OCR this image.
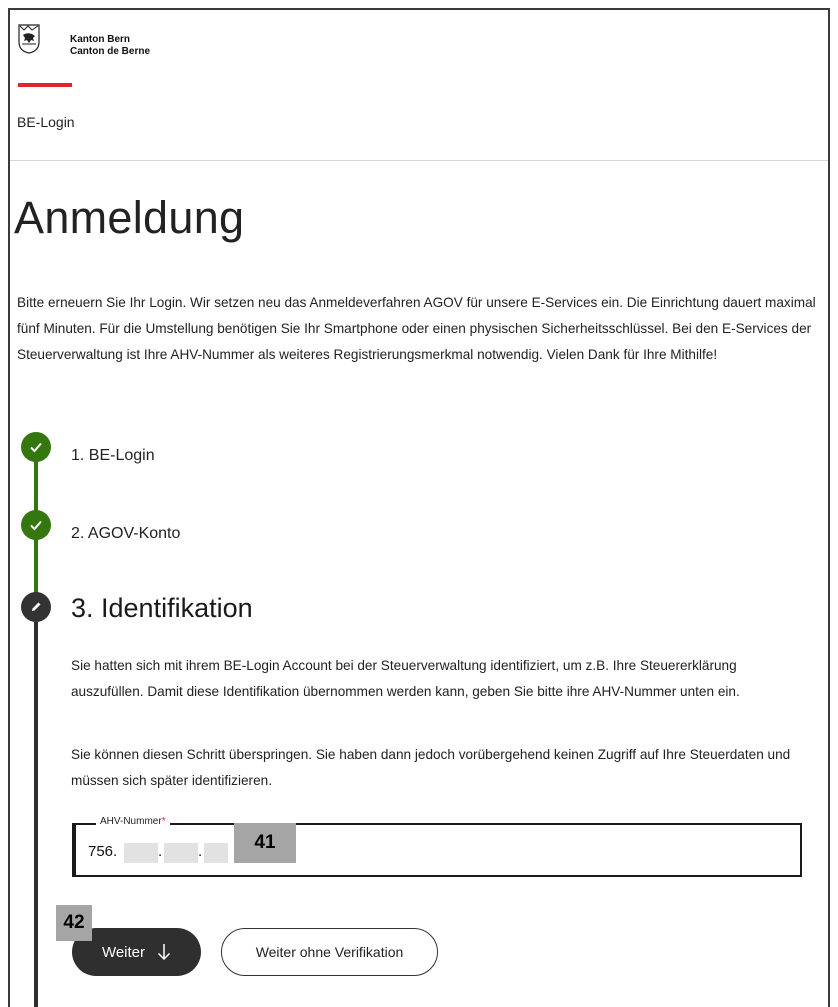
Kanton Bern
Canton de Berne
BE-Login
Anmeldung

Bitte erneuern Sie Ihr Login. Wir setzen neu das Anmeldeverfahren AGOV für unsere E-Services ein. Die Einrichtung dauert maximal fünf Minuten. Für die Umstellung benötigen Sie Ihr Smartphone oder einen physischen Sicherheitsschlüssel. Bei den E-Services der Steuerverwaltung ist Ihre AHV-Nummer als weiteres Registrierungsmerkmal notwendig. Vielen Dank für Ihre Mithilfe!

1. BE-Login
2. AGOV-Konto
3. Identifikation

Sie hatten sich mit ihrem BE-Login Account bei der Steuerverwaltung identifiziert, um z.B. Ihre Steuererklärung auszufüllen. Damit diese Identifikation übernommen werden kann, geben Sie bitte ihre AHV-Nummer unten ein.

Sie können diesen Schritt überspringen. Sie haben dann jedoch vorübergehend keinen Zugriff auf Ihre Steuerdaten und müssen sich später identifizieren.

AHV-Nummer*
756.	. .	41
42
Weiter	Weiter ohne Verifikation
